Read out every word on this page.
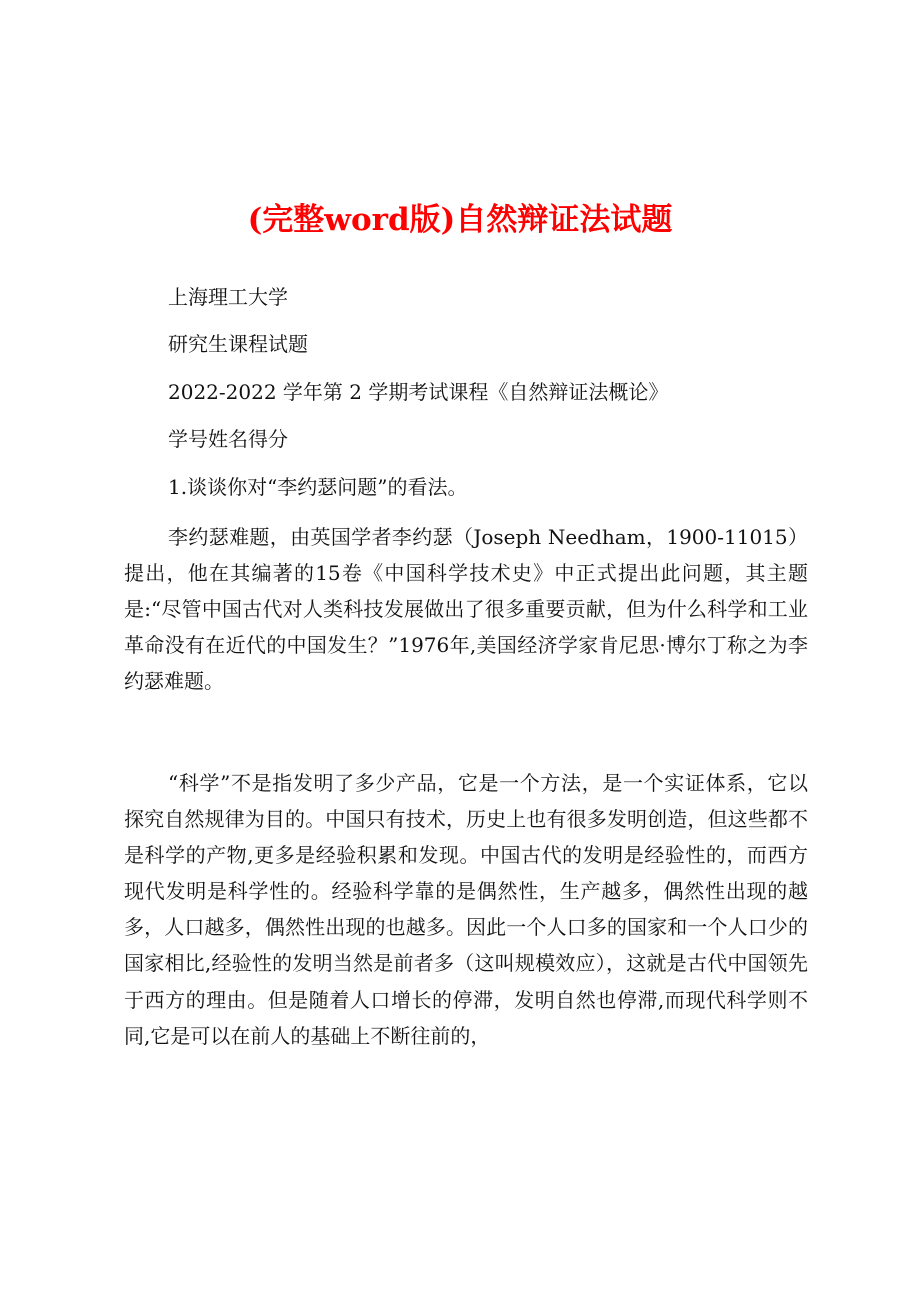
(完整word版)自然辩证法试题

上海理工大学

研究生课程试题

2022-2022 学年第 2 学期考试课程《自然辩证法概论》

学号姓名得分

1.谈谈你对“李约瑟问题”的看法。

李约瑟难题，由英国学者李约瑟（Joseph Needham，1900-11015）提出，他在其编著的15卷《中国科学技术史》中正式提出此问题，其主题是:“尽管中国古代对人类科技发展做出了很多重要贡献，但为什么科学和工业革命没有在近代的中国发生？”1976年,美国经济学家肯尼思·博尔丁称之为李约瑟难题。

“科学”不是指发明了多少产品，它是一个方法，是一个实证体系，它以探究自然规律为目的。中国只有技术，历史上也有很多发明创造，但这些都不是科学的产物,更多是经验积累和发现。中国古代的发明是经验性的，而西方现代发明是科学性的。经验科学靠的是偶然性，生产越多，偶然性出现的越多，人口越多，偶然性出现的也越多。因此一个人口多的国家和一个人口少的国家相比,经验性的发明当然是前者多（这叫规模效应），这就是古代中国领先于西方的理由。但是随着人口增长的停滞，发明自然也停滞,而现代科学则不同,它是可以在前人的基础上不断往前的，
